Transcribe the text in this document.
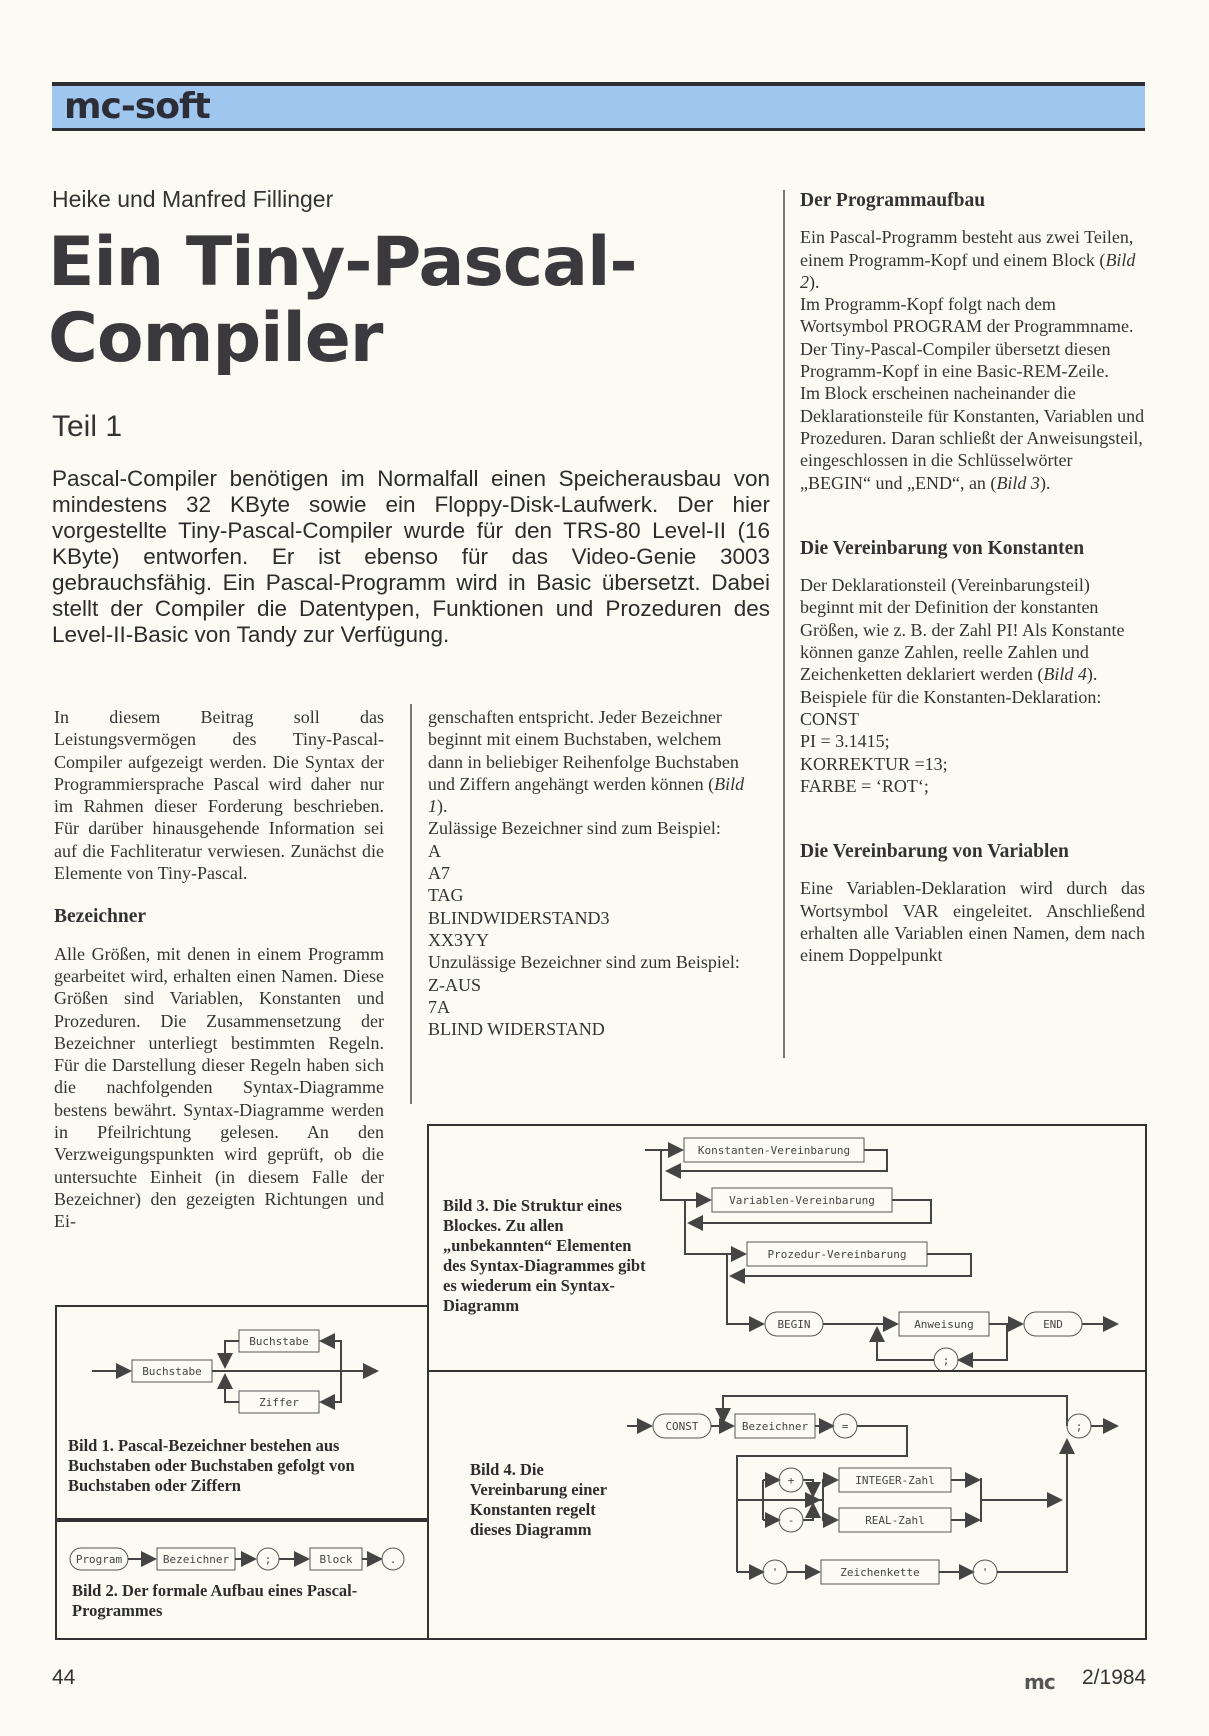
mc-soft
Heike und Manfred Fillinger
Ein Tiny-Pascal-
Compiler
Teil 1
Pascal-Compiler benötigen im Normalfall einen Speicherausbau von mindestens 32 KByte sowie ein Floppy-Disk-Laufwerk. Der hier vorgestellte Tiny-Pascal-Compiler wurde für den TRS-80 Level-II (16 KByte) entworfen. Er ist ebenso für das Video-Genie 3003 gebrauchsfähig. Ein Pascal-Programm wird in Basic übersetzt. Dabei stellt der Compiler die Datentypen, Funktionen und Prozeduren des Level-II-Basic von Tandy zur Verfügung.

In diesem Beitrag soll das Leistungsvermögen des Tiny-Pascal-Compiler aufgezeigt werden. Die Syntax der Programmiersprache Pascal wird daher nur im Rahmen dieser Forderung beschrieben. Für darüber hinausgehende Information sei auf die Fachliteratur verwiesen. Zunächst die Elemente von Tiny-Pascal.

Bezeichner

Alle Größen, mit denen in einem Programm gearbeitet wird, erhalten einen Namen. Diese Größen sind Variablen, Konstanten und Prozeduren. Die Zusammensetzung der Bezeichner unterliegt bestimmten Regeln. Für die Darstellung dieser Regeln haben sich die nachfolgenden Syntax-Diagramme bestens bewährt. Syntax-Diagramme werden in Pfeilrichtung gelesen. An den Verzweigungspunkten wird geprüft, ob die untersuchte Einheit (in diesem Falle der Bezeichner) den gezeigten Richtungen und Ei-

genschaften entspricht. Jeder Bezeichner beginnt mit einem Buchstaben, welchem dann in beliebiger Reihenfolge Buchstaben und Ziffern angehängt werden können (Bild 1).

Zulässige Bezeichner sind zum Beispiel:

A

A7

TAG

BLINDWIDERSTAND3

XX3YY

Unzulässige Bezeichner sind zum Beispiel:

Z-AUS

7A

BLIND WIDERSTAND

Der Programmaufbau

Ein Pascal-Programm besteht aus zwei Teilen, einem Programm-Kopf und einem Block (Bild 2).

Im Programm-Kopf folgt nach dem Wortsymbol PROGRAM der Programmname. Der Tiny-Pascal-Compiler übersetzt diesen Programm-Kopf in eine Basic-REM-Zeile.

Im Block erscheinen nacheinander die Deklarationsteile für Konstanten, Variablen und Prozeduren. Daran schließt der Anweisungsteil, eingeschlossen in die Schlüsselwörter „BEGIN“ und „END“, an (Bild 3).

Die Vereinbarung von Konstanten

Der Deklarationsteil (Vereinbarungsteil) beginnt mit der Definition der konstanten Größen, wie z. B. der Zahl PI! Als Konstante können ganze Zahlen, reelle Zahlen und Zeichenketten deklariert werden (Bild 4).

Beispiele für die Konstanten-Deklaration:

CONST

PI = 3.1415;

KORREKTUR =13;

FARBE = ‘ROT‘;

Die Vereinbarung von Variablen

Eine Variablen-Deklaration wird durch das Wortsymbol VAR eingeleitet. Anschließend erhalten alle Variablen einen Namen, dem nach einem Doppelpunkt

Buchstabe
Buchstabe
Ziffer
Bild 1. Pascal-Bezeichner bestehen aus Buchstaben oder Buchstaben gefolgt von Buchstaben oder Ziffern
Program	Bezeichner	;	Block	.
Bild 2. Der formale Aufbau eines Pascal-Programmes
Bild 3. Die Struktur eines Blockes. Zu allen „unbekannten“ Elementen des Syntax-Diagrammes gibt es wiederum ein Syntax-Diagramm
Konstanten-Vereinbarung
Variablen-Vereinbarung
Prozedur-Vereinbarung
BEGIN	Anweisung	END
;
Bild 4. Die Vereinbarung einer Konstanten regelt dieses Diagramm
CONST	Bezeichner	=	;
+
-
INTEGER-Zahl
REAL-Zahl
'	Zeichenkette	'
44	mc 2/1984
